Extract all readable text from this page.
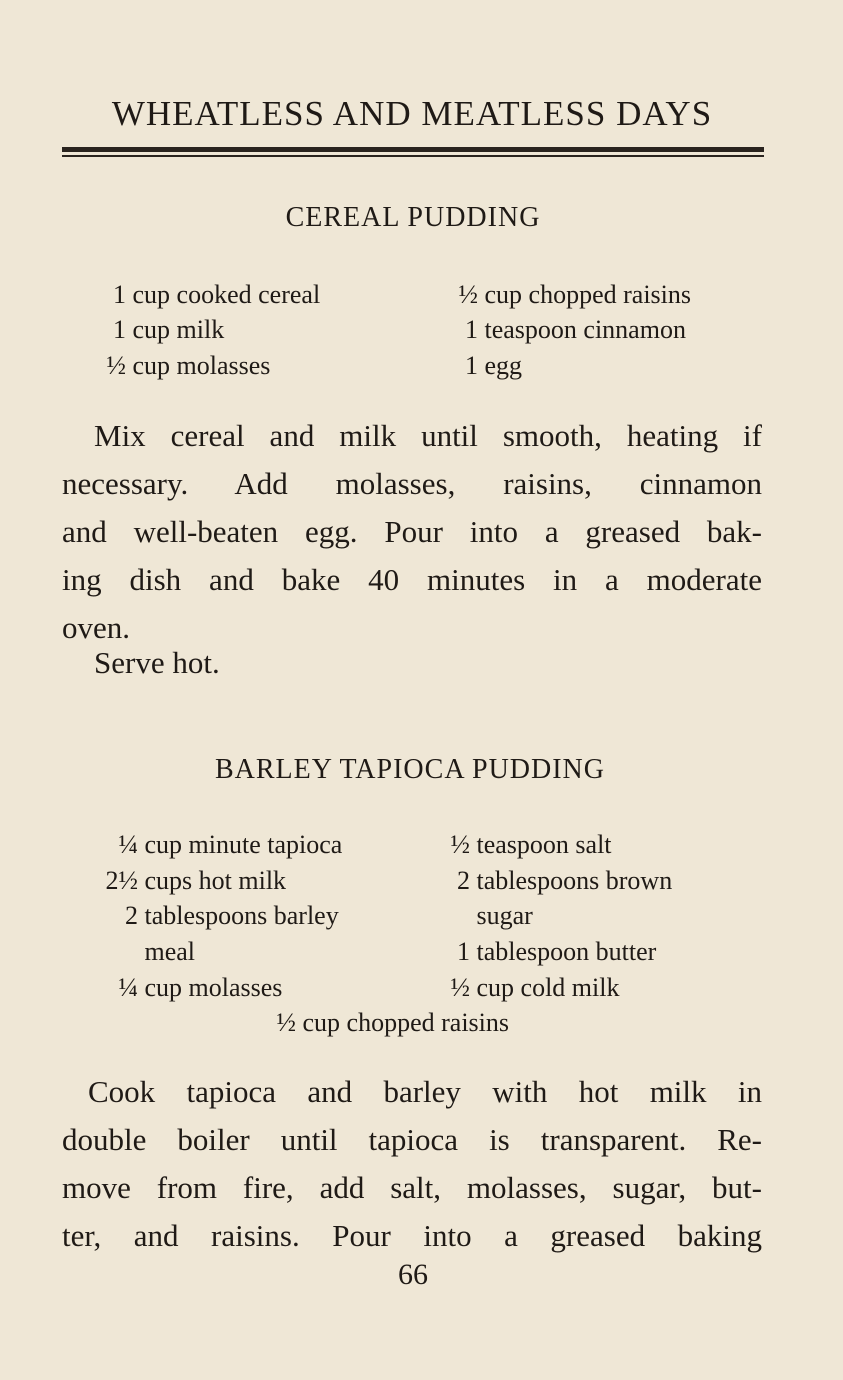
WHEATLESS AND MEATLESS DAYS
CEREAL PUDDING
1 cup cooked cereal
1 cup milk
½ cup molasses
½ cup chopped raisins
1 teaspoon cinnamon
1 egg
Mix cereal and milk until smooth, heating if
necessary. Add molasses, raisins, cinnamon
and well-beaten egg. Pour into a greased bak-
ing dish and bake 40 minutes in a moderate
oven.
Serve hot.
BARLEY TAPIOCA PUDDING
¼ cup minute tapioca
2½ cups hot milk
2 tablespoons barley
meal
¼ cup molasses
½ teaspoon salt
2 tablespoons brown
sugar
1 tablespoon butter
½ cup cold milk
½ cup chopped raisins
Cook tapioca and barley with hot milk in
double boiler until tapioca is transparent. Re-
move from fire, add salt, molasses, sugar, but-
ter, and raisins. Pour into a greased baking
66
